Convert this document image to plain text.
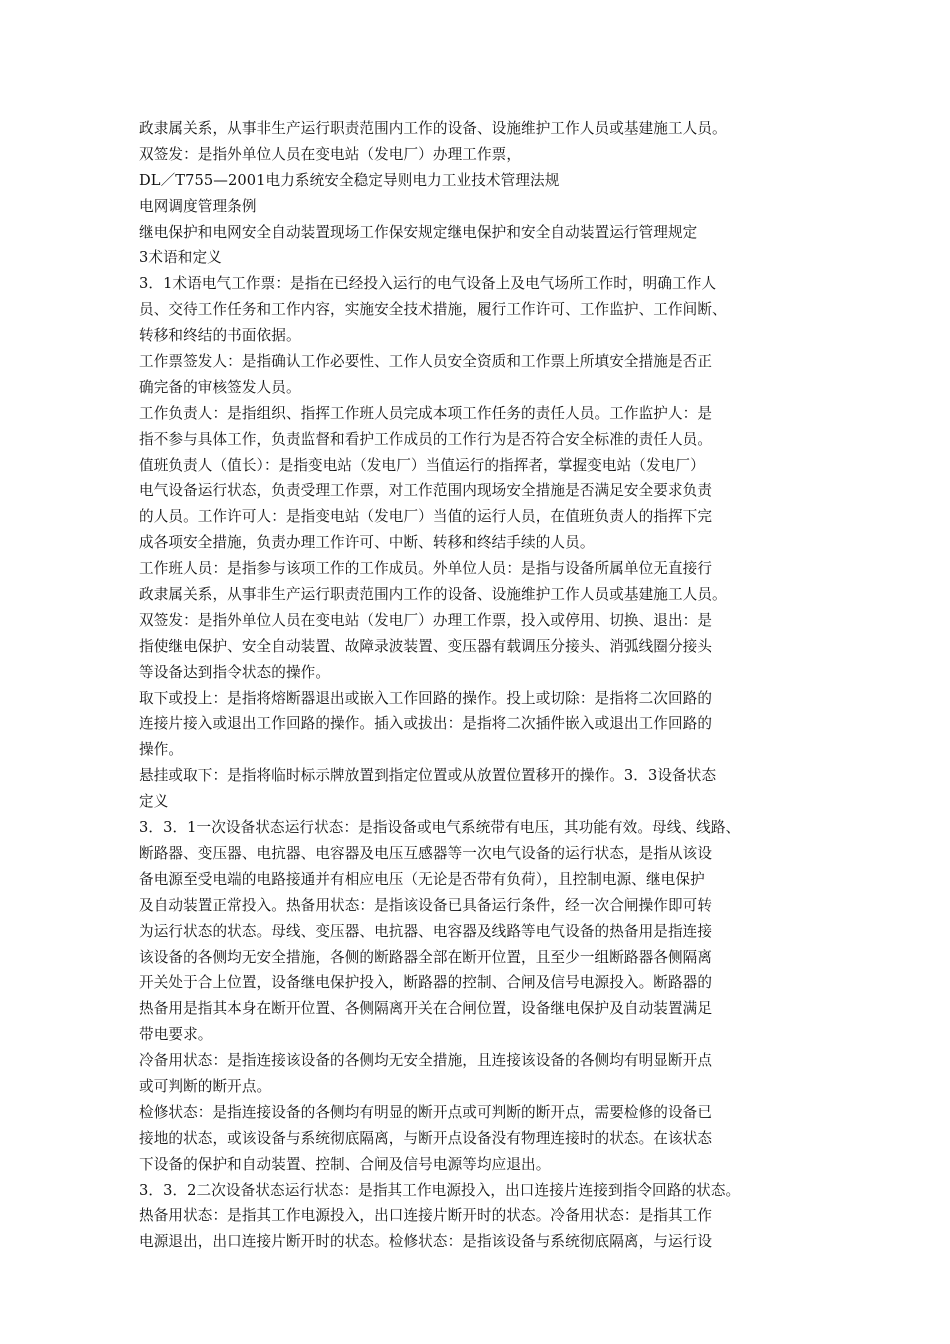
政隶属关系，从事非生产运行职责范围内工作的设备、设施维护工作人员或基建施工人员。
双签发：是指外单位人员在变电站（发电厂）办理工作票，
DL／T755—2001电力系统安全稳定导则电力工业技术管理法规
电网调度管理条例
继电保护和电网安全自动装置现场工作保安规定继电保护和安全自动装置运行管理规定
3术语和定义
3．1术语电气工作票：是指在已经投入运行的电气设备上及电气场所工作时，明确工作人
员、交待工作任务和工作内容，实施安全技术措施，履行工作许可、工作监护、工作间断、
转移和终结的书面依据。
工作票签发人：是指确认工作必要性、工作人员安全资质和工作票上所填安全措施是否正
确完备的审核签发人员。
工作负责人：是指组织、指挥工作班人员完成本项工作任务的责任人员。工作监护人：是
指不参与具体工作，负责监督和看护工作成员的工作行为是否符合安全标准的责任人员。
值班负责人（值长）：是指变电站（发电厂）当值运行的指挥者，掌握变电站（发电厂）
电气设备运行状态，负责受理工作票，对工作范围内现场安全措施是否满足安全要求负责
的人员。工作许可人：是指变电站（发电厂）当值的运行人员，在值班负责人的指挥下完
成各项安全措施，负责办理工作许可、中断、转移和终结手续的人员。
工作班人员：是指参与该项工作的工作成员。外单位人员：是指与设备所属单位无直接行
政隶属关系，从事非生产运行职责范围内工作的设备、设施维护工作人员或基建施工人员。
双签发：是指外单位人员在变电站（发电厂）办理工作票，投入或停用、切换、退出：是
指使继电保护、安全自动装置、故障录波装置、变压器有载调压分接头、消弧线圈分接头
等设备达到指令状态的操作。
取下或投上：是指将熔断器退出或嵌入工作回路的操作。投上或切除：是指将二次回路的
连接片接入或退出工作回路的操作。插入或拔出：是指将二次插件嵌入或退出工作回路的
操作。
悬挂或取下：是指将临时标示牌放置到指定位置或从放置位置移开的操作。3．3设备状态
定义
3．3．1一次设备状态运行状态：是指设备或电气系统带有电压，其功能有效。母线、线路、
断路器、变压器、电抗器、电容器及电压互感器等一次电气设备的运行状态，是指从该设
备电源至受电端的电路接通并有相应电压（无论是否带有负荷），且控制电源、继电保护
及自动装置正常投入。热备用状态：是指该设备已具备运行条件，经一次合闸操作即可转
为运行状态的状态。母线、变压器、电抗器、电容器及线路等电气设备的热备用是指连接
该设备的各侧均无安全措施，各侧的断路器全部在断开位置，且至少一组断路器各侧隔离
开关处于合上位置，设备继电保护投入，断路器的控制、合闸及信号电源投入。断路器的
热备用是指其本身在断开位置、各侧隔离开关在合闸位置，设备继电保护及自动装置满足
带电要求。
冷备用状态：是指连接该设备的各侧均无安全措施，且连接该设备的各侧均有明显断开点
或可判断的断开点。
检修状态：是指连接设备的各侧均有明显的断开点或可判断的断开点，需要检修的设备已
接地的状态，或该设备与系统彻底隔离，与断开点设备没有物理连接时的状态。在该状态
下设备的保护和自动装置、控制、合闸及信号电源等均应退出。
3．3．2二次设备状态运行状态：是指其工作电源投入，出口连接片连接到指令回路的状态。
热备用状态：是指其工作电源投入，出口连接片断开时的状态。冷备用状态：是指其工作
电源退出，出口连接片断开时的状态。检修状态：是指该设备与系统彻底隔离，与运行设
